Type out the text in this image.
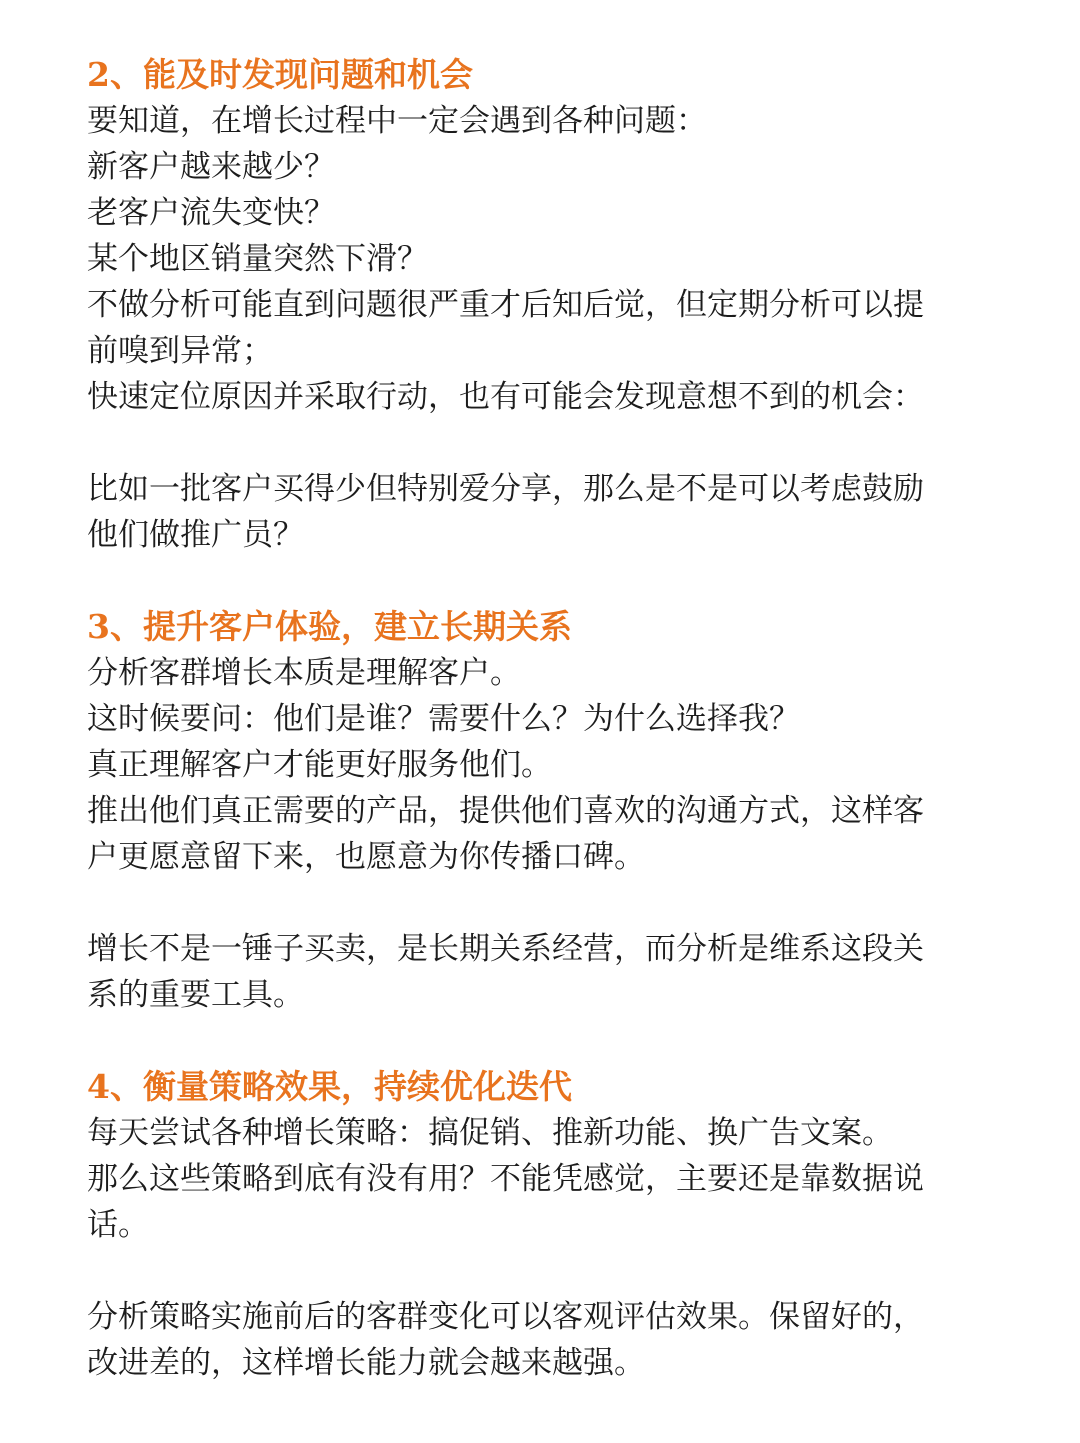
2、能及时发现问题和机会

要知道，在增长过程中一定会遇到各种问题：

新客户越来越少？

老客户流失变快？

某个地区销量突然下滑？

不做分析可能直到问题很严重才后知后觉，但定期分析可以提

前嗅到异常；

快速定位原因并采取行动，也有可能会发现意想不到的机会：

比如一批客户买得少但特别爱分享，那么是不是可以考虑鼓励

他们做推广员？

3、提升客户体验，建立长期关系

分析客群增长本质是理解客户。

这时候要问：他们是谁？需要什么？为什么选择我？

真正理解客户才能更好服务他们。

推出他们真正需要的产品，提供他们喜欢的沟通方式，这样客

户更愿意留下来，也愿意为你传播口碑。

增长不是一锤子买卖，是长期关系经营，而分析是维系这段关

系的重要工具。

4、衡量策略效果，持续优化迭代

每天尝试各种增长策略：搞促销、推新功能、换广告文案。

那么这些策略到底有没有用？不能凭感觉，主要还是靠数据说

话。

分析策略实施前后的客群变化可以客观评估效果。保留好的，

改进差的，这样增长能力就会越来越强。
